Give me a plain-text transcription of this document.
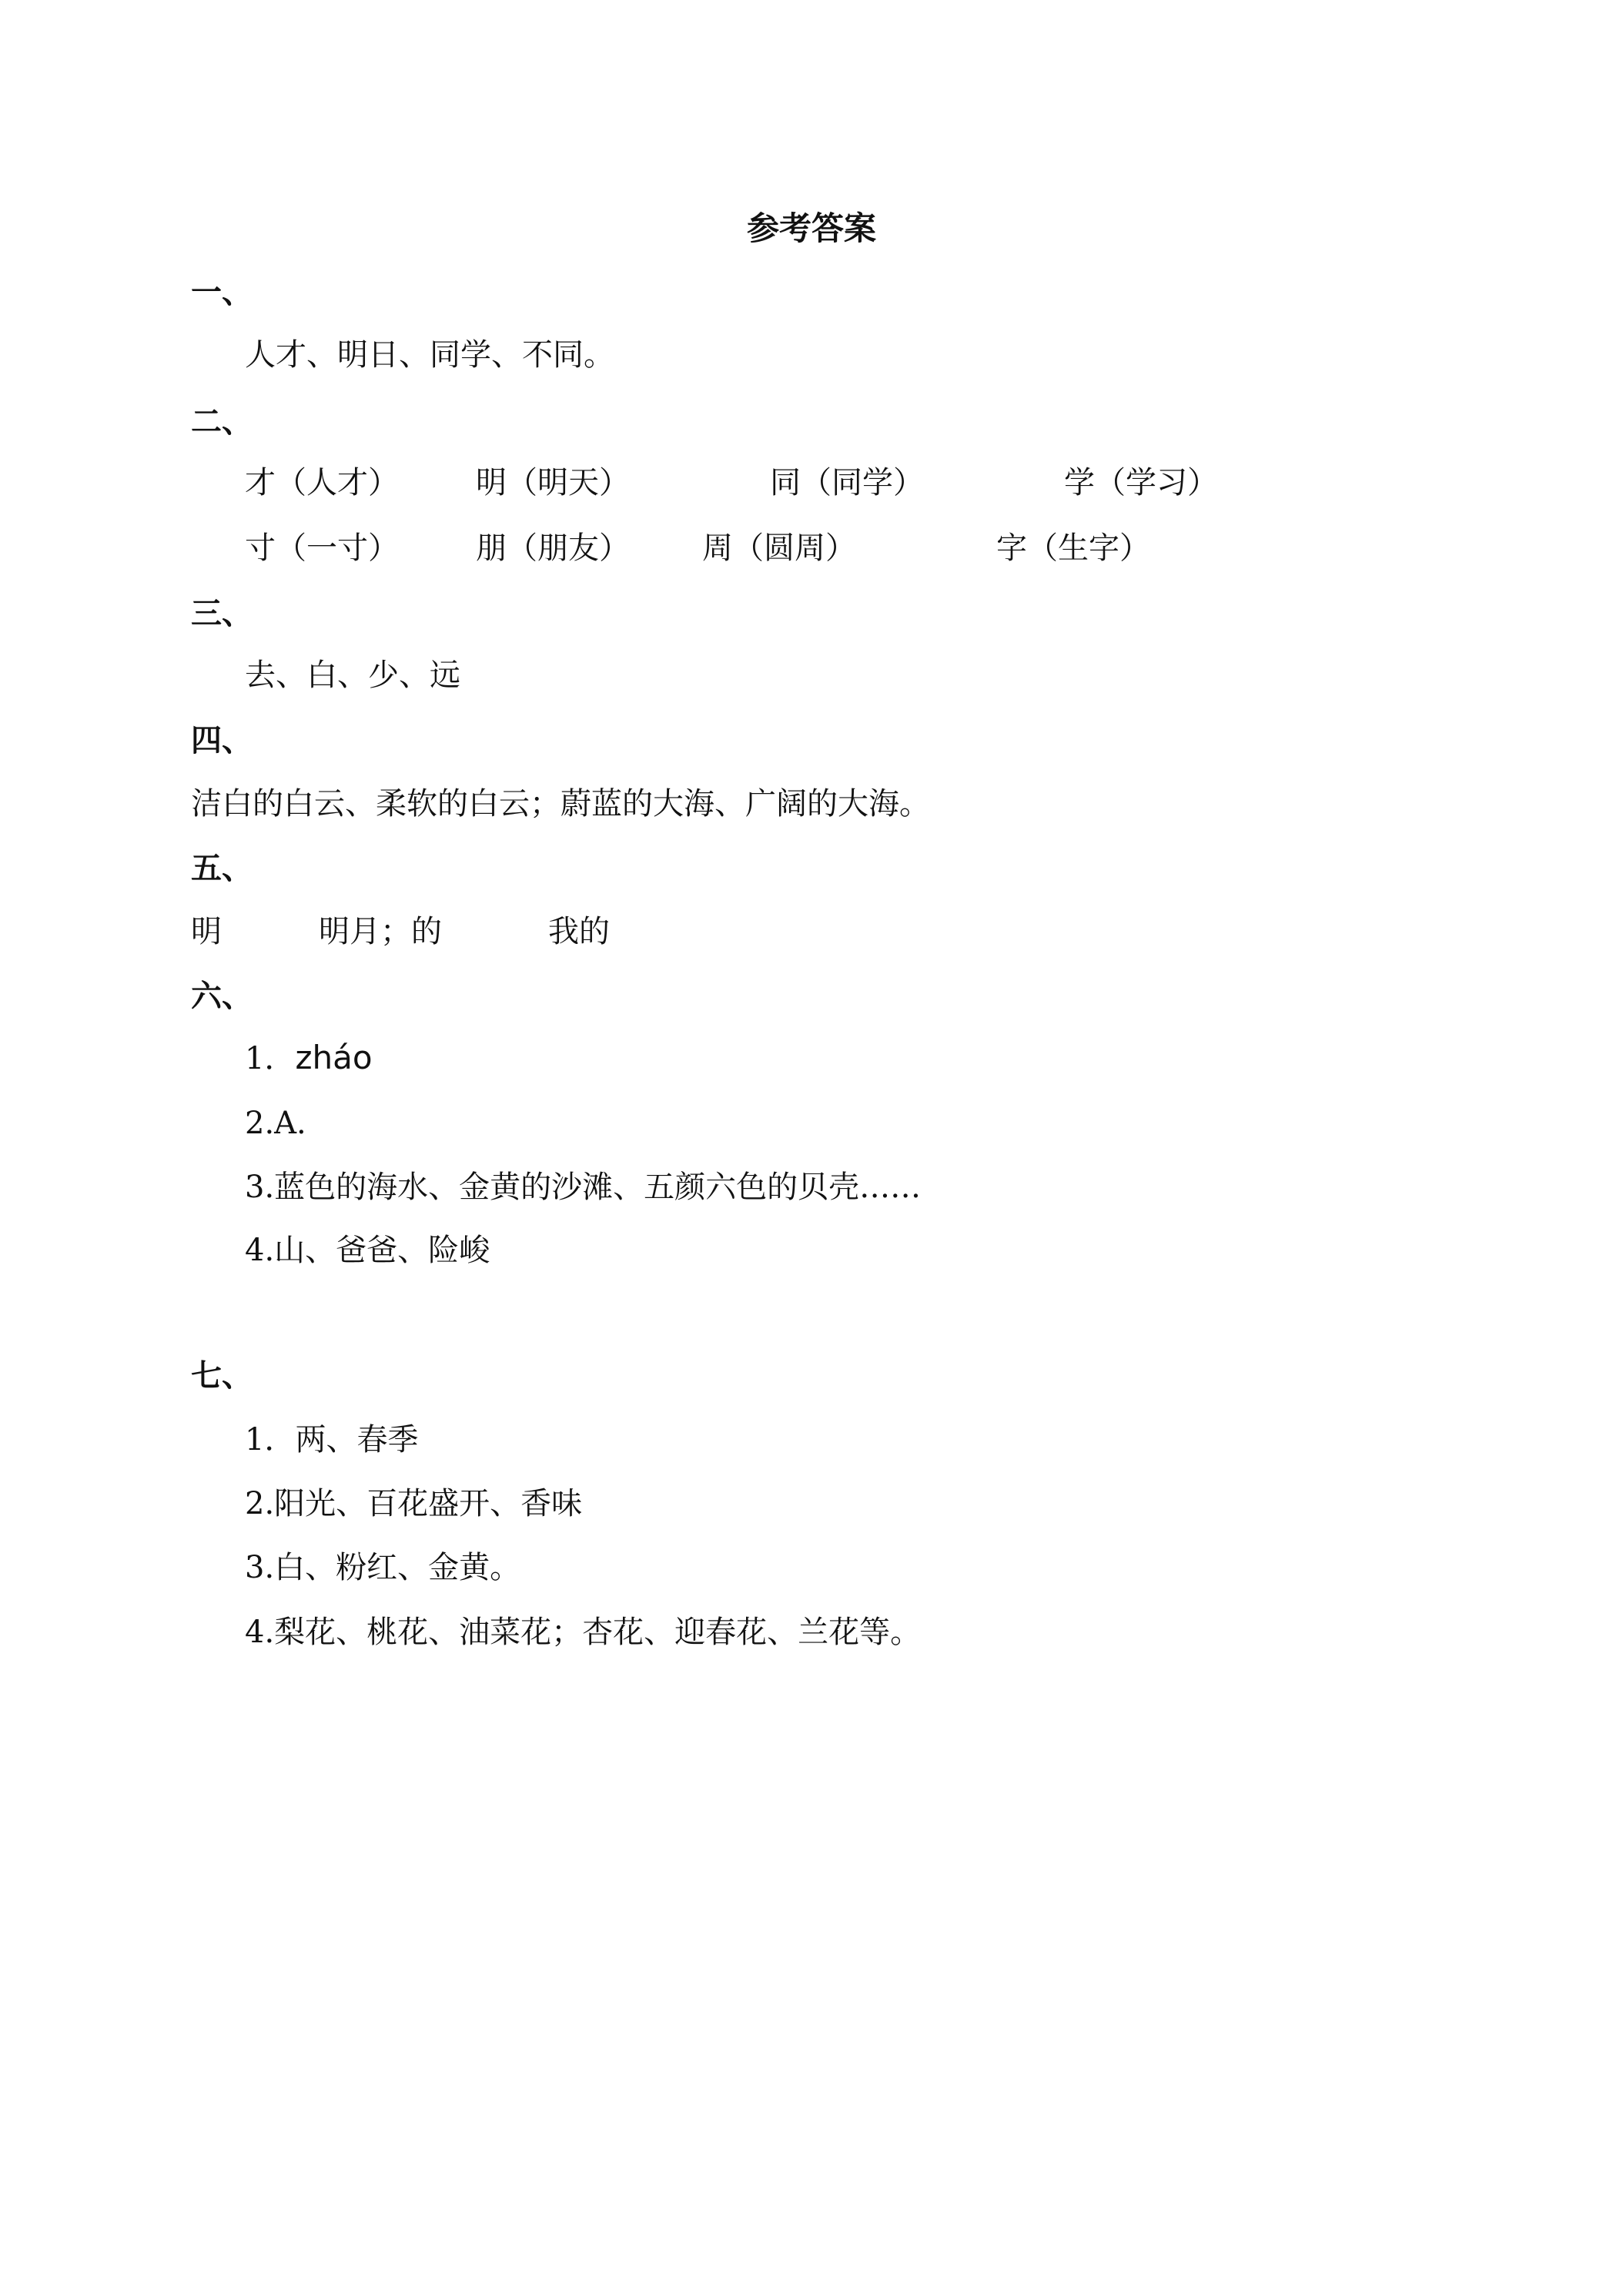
参考答案
一、
人才、明日、同学、不同。
二、
才（人才）	明（明天）	同（同学）	学（学习）
寸（一寸）	朋（朋友） 周（圆周）	字（生字）
三、
去、白、少、远
四、
洁白的白云、柔软的白云；蔚蓝的大海、广阔的大海。
五、
明	明月；的	我的
六、
1．zháo
2.A.
3.蓝色的海水、金黄的沙滩、五颜六色的贝壳……
4.山、爸爸、险峻
七、
1．两、春季
2.阳光、百花盛开、香味
3.白、粉红、金黄。
4.梨花、桃花、油菜花；杏花、迎春花、兰花等。
